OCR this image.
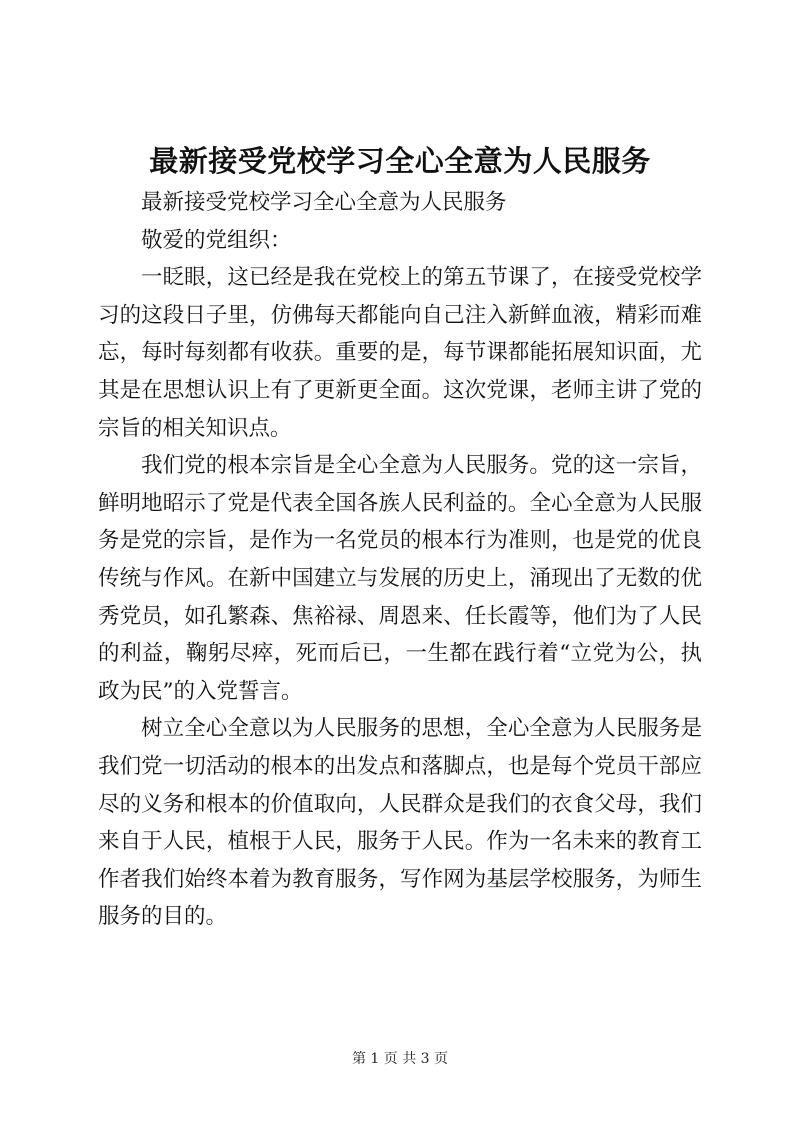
最新接受党校学习全心全意为人民服务

最新接受党校学习全心全意为人民服务

敬爱的党组织：

一眨眼，这已经是我在党校上的第五节课了，在接受党校学习的这段日子里，仿佛每天都能向自己注入新鲜血液，精彩而难忘，每时每刻都有收获。重要的是，每节课都能拓展知识面，尤其是在思想认识上有了更新更全面。这次党课，老师主讲了党的宗旨的相关知识点。

我们党的根本宗旨是全心全意为人民服务。党的这一宗旨，鲜明地昭示了党是代表全国各族人民利益的。全心全意为人民服务是党的宗旨，是作为一名党员的根本行为准则，也是党的优良传统与作风。在新中国建立与发展的历史上，涌现出了无数的优秀党员，如孔繁森、焦裕禄、周恩来、任长霞等，他们为了人民的利益，鞠躬尽瘁，死而后已，一生都在践行着“立党为公，执政为民”的入党誓言。

树立全心全意以为人民服务的思想，全心全意为人民服务是我们党一切活动的根本的出发点和落脚点，也是每个党员干部应尽的义务和根本的价值取向，人民群众是我们的衣食父母，我们来自于人民，植根于人民，服务于人民。作为一名未来的教育工作者我们始终本着为教育服务，写作网为基层学校服务，为师生服务的目的。

第 1 页 共 3 页
